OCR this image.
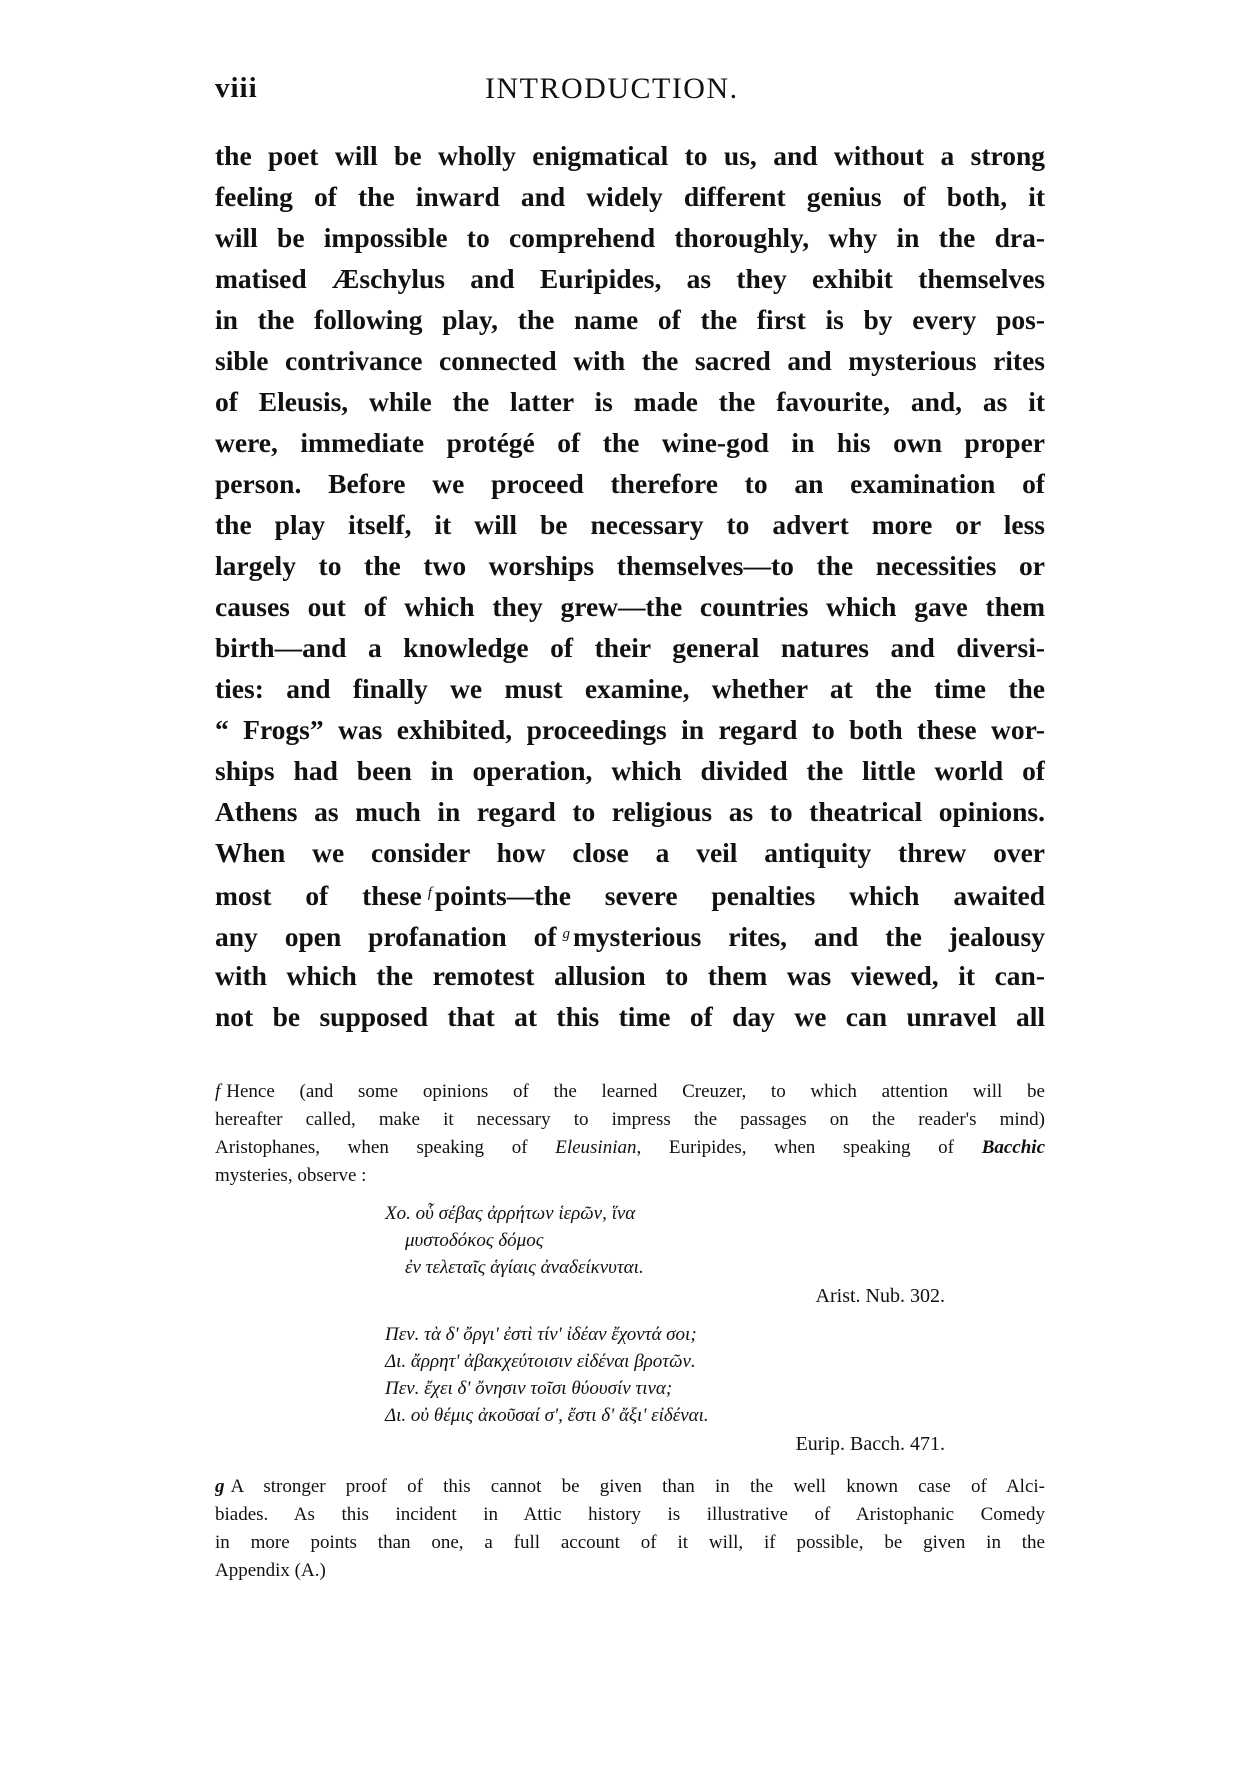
viii	INTRODUCTION.
the poet will be wholly enigmatical to us, and without a strong
feeling of the inward and widely different genius of both, it
will be impossible to comprehend thoroughly, why in the dra-
matised Æschylus and Euripides, as they exhibit themselves
in the following play, the name of the first is by every pos-
sible contrivance connected with the sacred and mysterious rites
of Eleusis, while the latter is made the favourite, and, as it
were, immediate protégé of the wine-god in his own proper
person. Before we proceed therefore to an examination of
the play itself, it will be necessary to advert more or less
largely to the two worships themselves—to the necessities or
causes out of which they grew—the countries which gave them
birth—and a knowledge of their general natures and diversi-
ties: and finally we must examine, whether at the time the
“ Frogs” was exhibited, proceedings in regard to both these wor-
ships had been in operation, which divided the little world of
Athens as much in regard to religious as to theatrical opinions.
When we consider how close a veil antiquity threw over
most of these $^f$ points—the severe penalties which awaited
any open profanation of $^g$ mysterious rites, and the jealousy
with which the remotest allusion to them was viewed, it can-
not be supposed that at this time of day we can unravel all
f Hence (and some opinions of the learned Creuzer, to which attention will be
hereafter called, make it necessary to impress the passages on the reader's mind)
Aristophanes, when speaking of Eleusinian, Euripides, when speaking of Bacchic
mysteries, observe :
Χο. οὗ σέβας ἀρρήτων ἱερῶν, ἵνα
μυστοδόκος δόμος
ἐν τελεταῖς ἁγίαις ἀναδείκνυται.
Arist. Nub. 302.
Πεν. τὰ δ' ὄργι' ἐστὶ τίν' ἰδέαν ἔχοντά σοι;
Δι. ἄρρητ' ἀβακχεύτοισιν εἰδέναι βροτῶν.
Πεν. ἔχει δ' ὄνησιν τοῖσι θύουσίν τινα;
Δι. οὐ θέμις ἀκοῦσαί σ', ἔστι δ' ἄξι' εἰδέναι.
Eurip. Bacch. 471.
g A stronger proof of this cannot be given than in the well known case of Alci-
biades. As this incident in Attic history is illustrative of Aristophanic Comedy
in more points than one, a full account of it will, if possible, be given in the
Appendix (A.)
